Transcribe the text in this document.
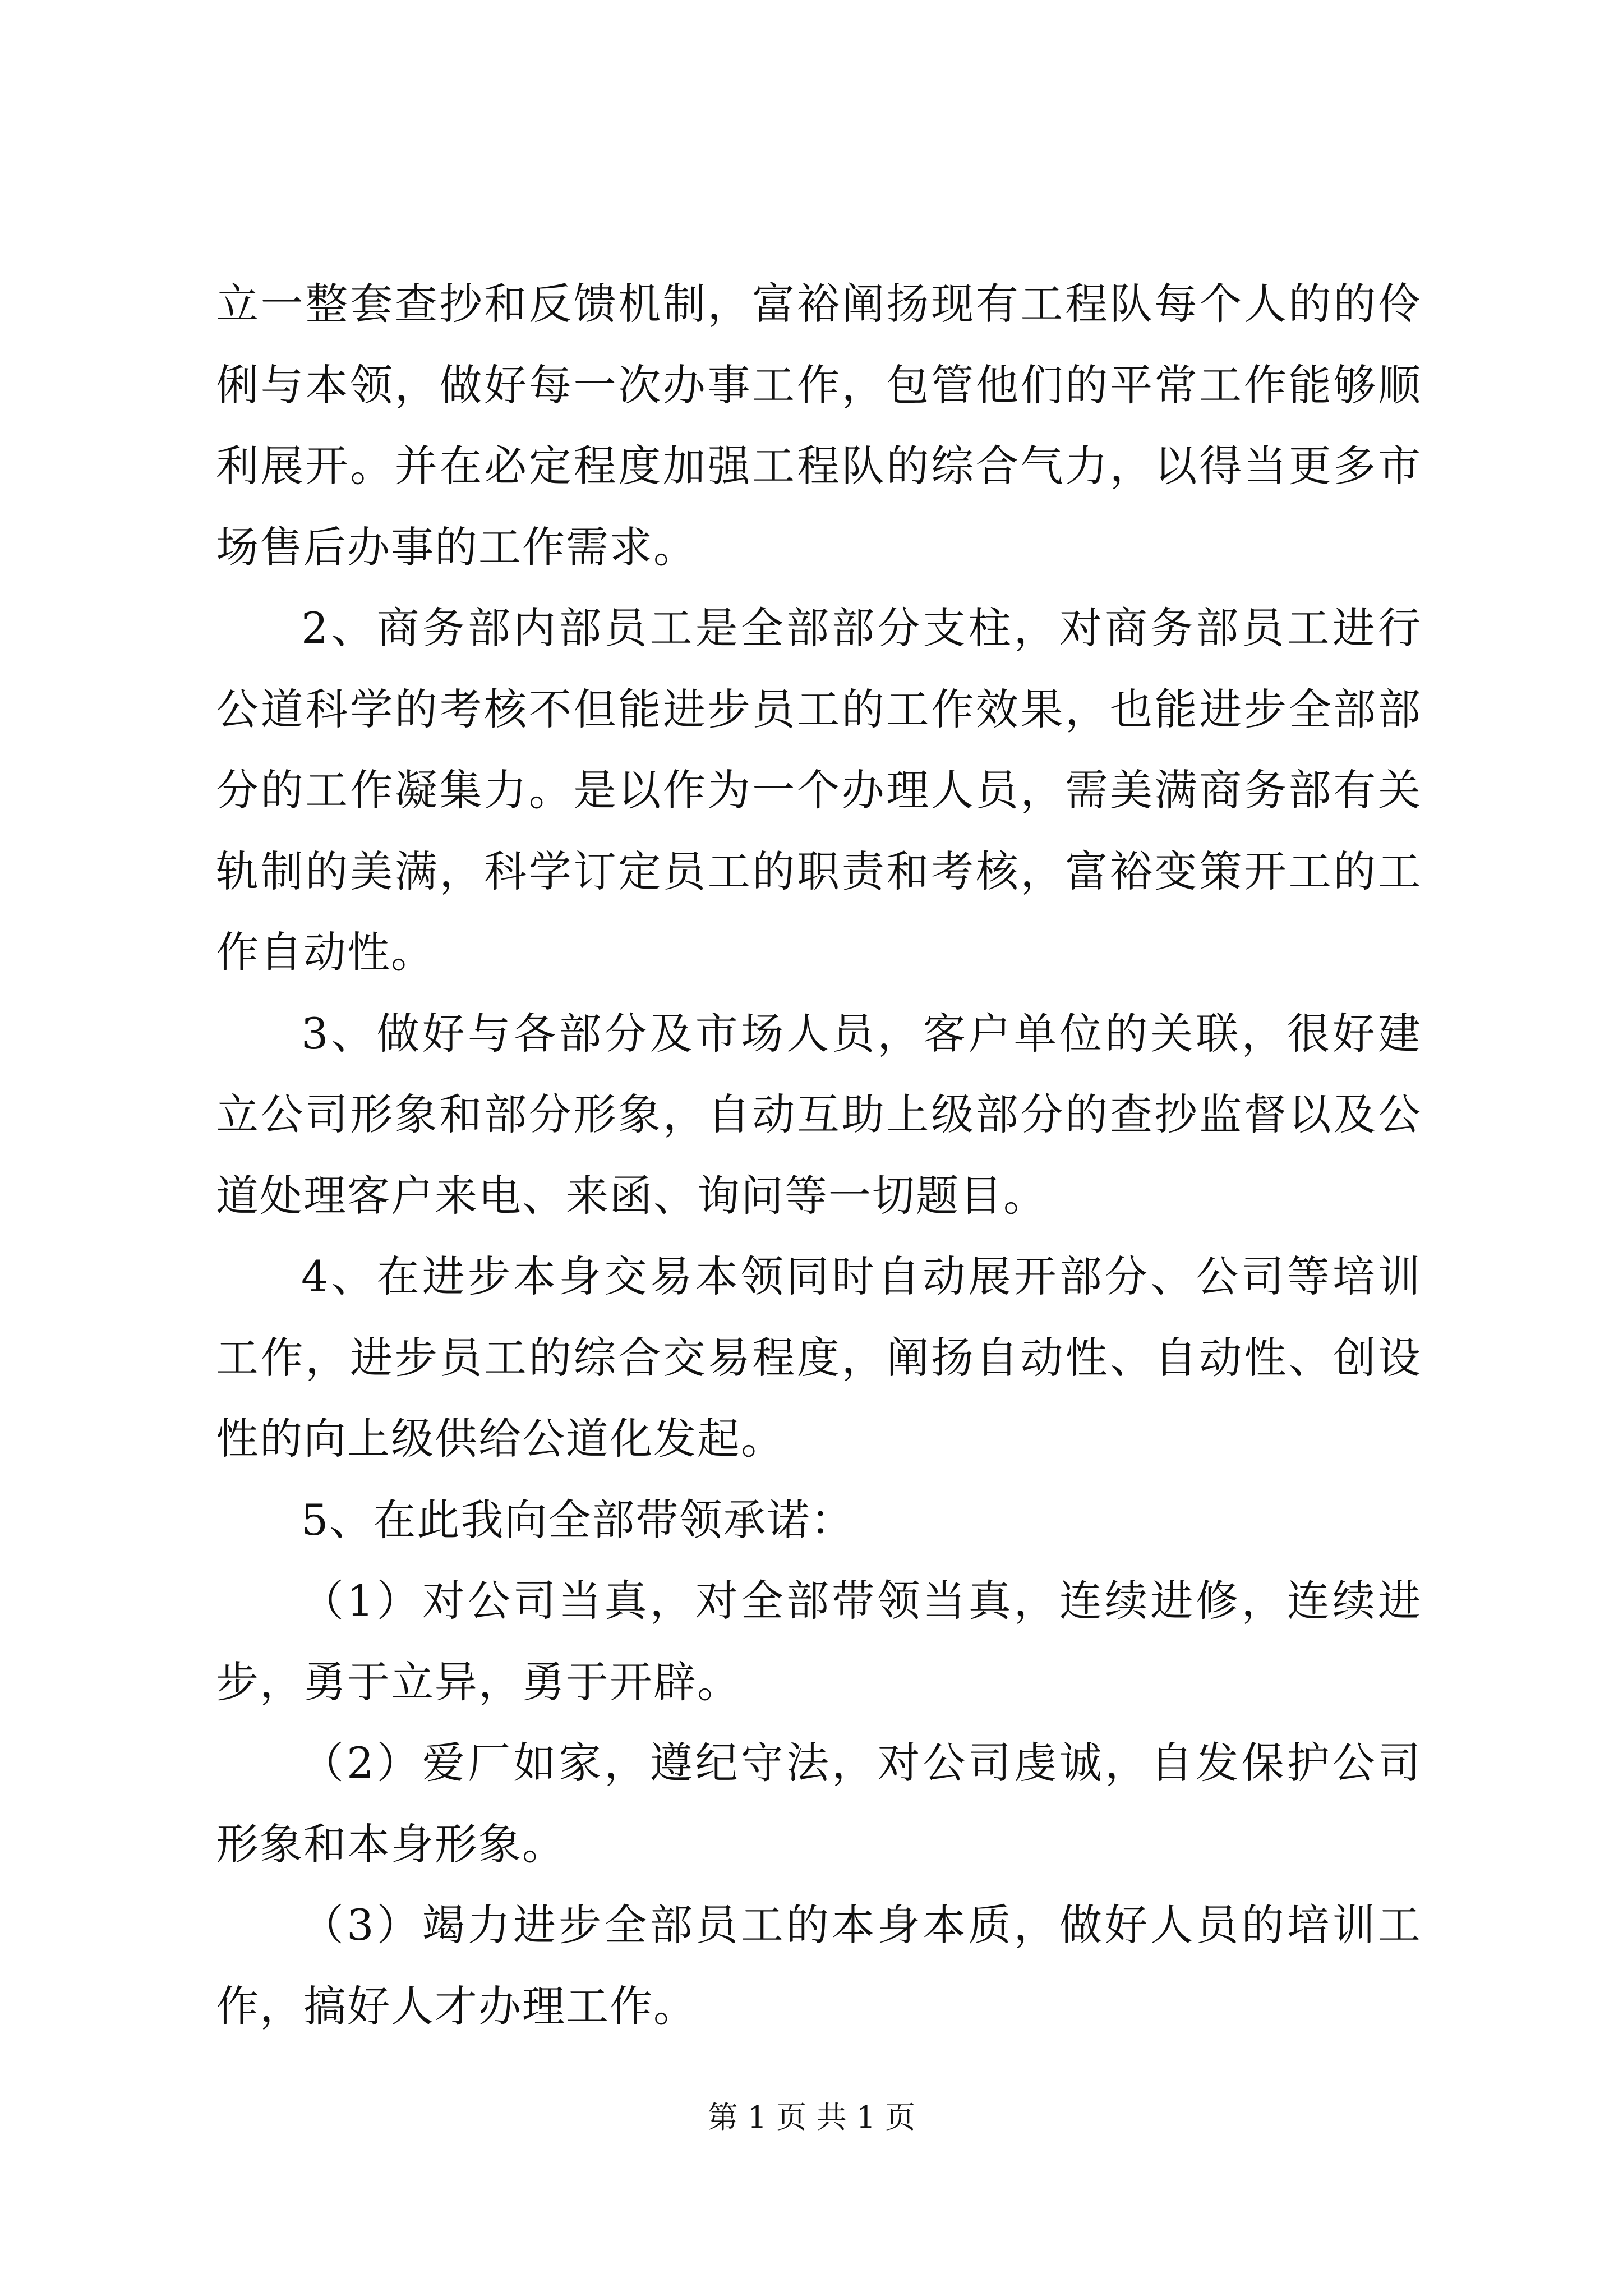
立一整套查抄和反馈机制，富裕阐扬现有工程队每个人的的伶俐与本领，做好每一次办事工作，包管他们的平常工作能够顺利展开。并在必定程度加强工程队的综合气力，以得当更多市场售后办事的工作需求。

2、商务部内部员工是全部部分支柱，对商务部员工进行公道科学的考核不但能进步员工的工作效果，也能进步全部部分的工作凝集力。是以作为一个办理人员，需美满商务部有关轨制的美满，科学订定员工的职责和考核，富裕变策开工的工作自动性。

3、做好与各部分及市场人员，客户单位的关联，很好建立公司形象和部分形象，自动互助上级部分的查抄监督以及公道处理客户来电、来函、询问等一切题目。

4、在进步本身交易本领同时自动展开部分、公司等培训工作，进步员工的综合交易程度，阐扬自动性、自动性、创设性的向上级供给公道化发起。

5、在此我向全部带领承诺：

（1）对公司当真，对全部带领当真，连续进修，连续进步，勇于立异，勇于开辟。

（2）爱厂如家，遵纪守法，对公司虔诚，自发保护公司形象和本身形象。

（3）竭力进步全部员工的本身本质，做好人员的培训工作，搞好人才办理工作。

第 1 页 共 1 页
